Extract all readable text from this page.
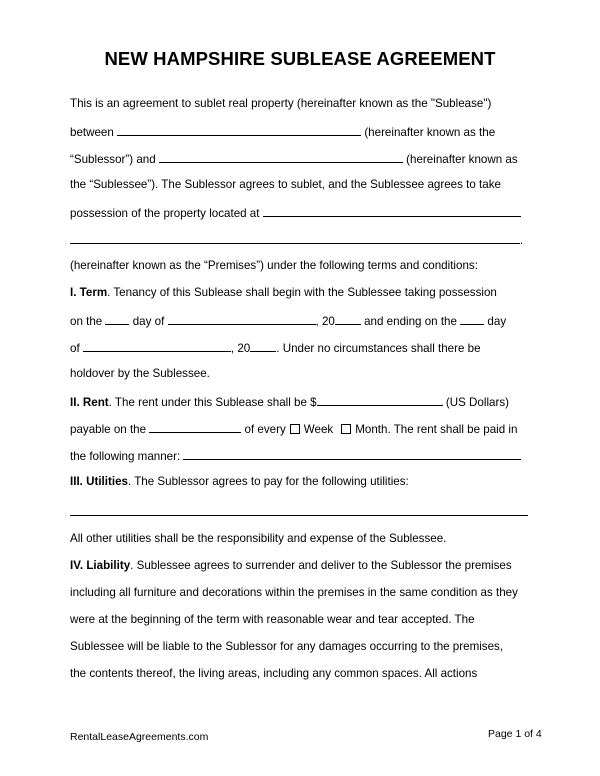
NEW HAMPSHIRE SUBLEASE AGREEMENT
This is an agreement to sublet real property (hereinafter known as the "Sublease")
between	(hereinafter known as the
“Sublessor”) and	(hereinafter known as
the “Sublessee”). The Sublessor agrees to sublet, and the Sublessee agrees to take
possession of the property located at
.
(hereinafter known as the “Premises”) under the following terms and conditions:
I. Term. Tenancy of this Sublease shall begin with the Sublessee taking possession
on the	day of	, 20	and ending on the	day
of	, 20 . Under no circumstances shall there be
holdover by the Sublessee.
II. Rent. The rent under this Sublease shall be $	(US Dollars)
payable on the	of every Week Month. The rent shall be paid in
the following manner:
III. Utilities. The Sublessor agrees to pay for the following utilities:
All other utilities shall be the responsibility and expense of the Sublessee.
IV. Liability. Sublessee agrees to surrender and deliver to the Sublessor the premises
including all furniture and decorations within the premises in the same condition as they
were at the beginning of the term with reasonable wear and tear accepted. The
Sublessee will be liable to the Sublessor for any damages occurring to the premises,
the contents thereof, the living areas, including any common spaces. All actions
RentalLeaseAgreements.com	Page 1 of 4
